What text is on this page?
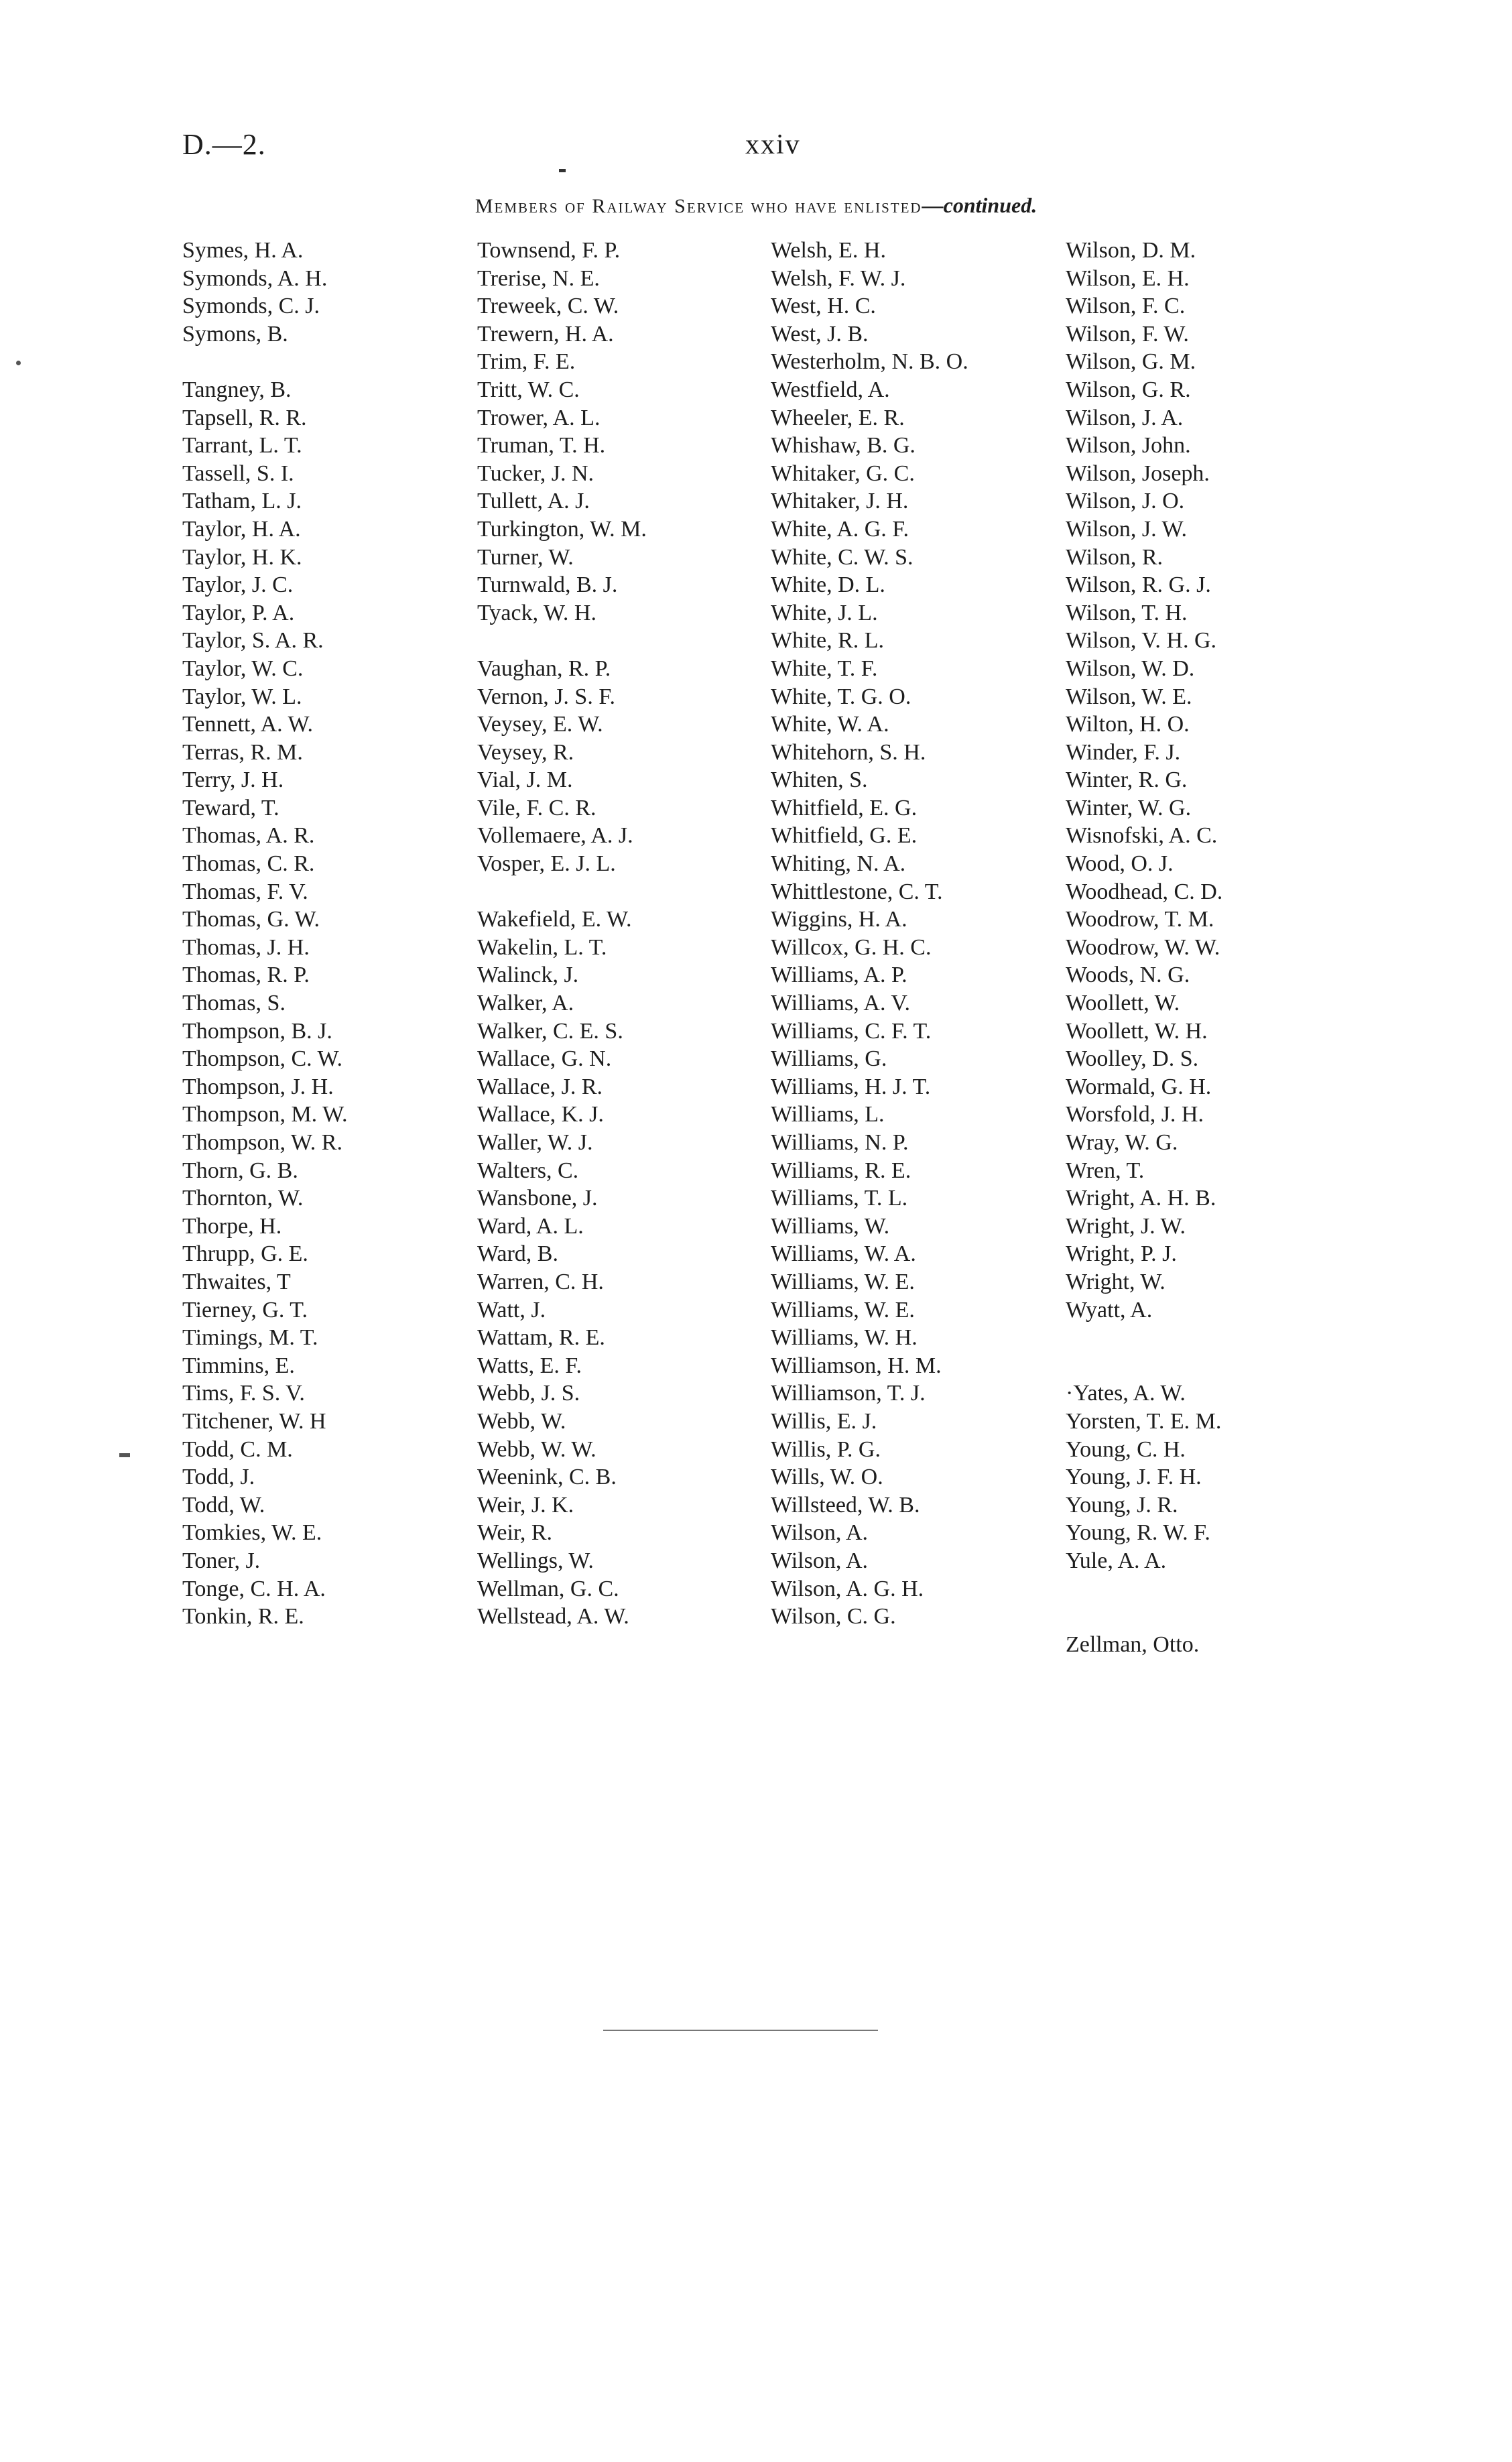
D.—2.	xxiv
Members of Railway Service who have enlisted—continued.
Symes, H. A.
Symonds, A. H.
Symonds, C. J.
Symons, B.
Tangney, B.
Tapsell, R. R.
Tarrant, L. T.
Tassell, S. I.
Tatham, L. J.
Taylor, H. A.
Taylor, H. K.
Taylor, J. C.
Taylor, P. A.
Taylor, S. A. R.
Taylor, W. C.
Taylor, W. L.
Tennett, A. W.
Terras, R. M.
Terry, J. H.
Teward, T.
Thomas, A. R.
Thomas, C. R.
Thomas, F. V.
Thomas, G. W.
Thomas, J. H.
Thomas, R. P.
Thomas, S.
Thompson, B. J.
Thompson, C. W.
Thompson, J. H.
Thompson, M. W.
Thompson, W. R.
Thorn, G. B.
Thornton, W.
Thorpe, H.
Thrupp, G. E.
Thwaites, T
Tierney, G. T.
Timings, M. T.
Timmins, E.
Tims, F. S. V.
Titchener, W. H
Todd, C. M.
Todd, J.
Todd, W.
Tomkies, W. E.
Toner, J.
Tonge, C. H. A.
Tonkin, R. E.
Townsend, F. P.
Trerise, N. E.
Treweek, C. W.
Trewern, H. A.
Trim, F. E.
Tritt, W. C.
Trower, A. L.
Truman, T. H.
Tucker, J. N.
Tullett, A. J.
Turkington, W. M.
Turner, W.
Turnwald, B. J.
Tyack, W. H.
Vaughan, R. P.
Vernon, J. S. F.
Veysey, E. W.
Veysey, R.
Vial, J. M.
Vile, F. C. R.
Vollemaere, A. J.
Vosper, E. J. L.
Wakefield, E. W.
Wakelin, L. T.
Walinck, J.
Walker, A.
Walker, C. E. S.
Wallace, G. N.
Wallace, J. R.
Wallace, K. J.
Waller, W. J.
Walters, C.
Wansbone, J.
Ward, A. L.
Ward, B.
Warren, C. H.
Watt, J.
Wattam, R. E.
Watts, E. F.
Webb, J. S.
Webb, W.
Webb, W. W.
Weenink, C. B.
Weir, J. K.
Weir, R.
Wellings, W.
Wellman, G. C.
Wellstead, A. W.
Welsh, E. H.
Welsh, F. W. J.
West, H. C.
West, J. B.
Westerholm, N. B. O.
Westfield, A.
Wheeler, E. R.
Whishaw, B. G.
Whitaker, G. C.
Whitaker, J. H.
White, A. G. F.
White, C. W. S.
White, D. L.
White, J. L.
White, R. L.
White, T. F.
White, T. G. O.
White, W. A.
Whitehorn, S. H.
Whiten, S.
Whitfield, E. G.
Whitfield, G. E.
Whiting, N. A.
Whittlestone, C. T.
Wiggins, H. A.
Willcox, G. H. C.
Williams, A. P.
Williams, A. V.
Williams, C. F. T.
Williams, G.
Williams, H. J. T.
Williams, L.
Williams, N. P.
Williams, R. E.
Williams, T. L.
Williams, W.
Williams, W. A.
Williams, W. E.
Williams, W. E.
Williams, W. H.
Williamson, H. M.
Williamson, T. J.
Willis, E. J.
Willis, P. G.
Wills, W. O.
Willsteed, W. B.
Wilson, A.
Wilson, A.
Wilson, A. G. H.
Wilson, C. G.
Wilson, D. M.
Wilson, E. H.
Wilson, F. C.
Wilson, F. W.
Wilson, G. M.
Wilson, G. R.
Wilson, J. A.
Wilson, John.
Wilson, Joseph.
Wilson, J. O.
Wilson, J. W.
Wilson, R.
Wilson, R. G. J.
Wilson, T. H.
Wilson, V. H. G.
Wilson, W. D.
Wilson, W. E.
Wilton, H. O.
Winder, F. J.
Winter, R. G.
Winter, W. G.
Wisnofski, A. C.
Wood, O. J.
Woodhead, C. D.
Woodrow, T. M.
Woodrow, W. W.
Woods, N. G.
Woollett, W.
Woollett, W. H.
Woolley, D. S.
Wormald, G. H.
Worsfold, J. H.
Wray, W. G.
Wren, T.
Wright, A. H. B.
Wright, J. W.
Wright, P. J.
Wright, W.
Wyatt, A.
·Yates, A. W.
Yorsten, T. E. M.
Young, C. H.
Young, J. F. H.
Young, J. R.
Young, R. W. F.
Yule, A. A.
Zellman, Otto.
